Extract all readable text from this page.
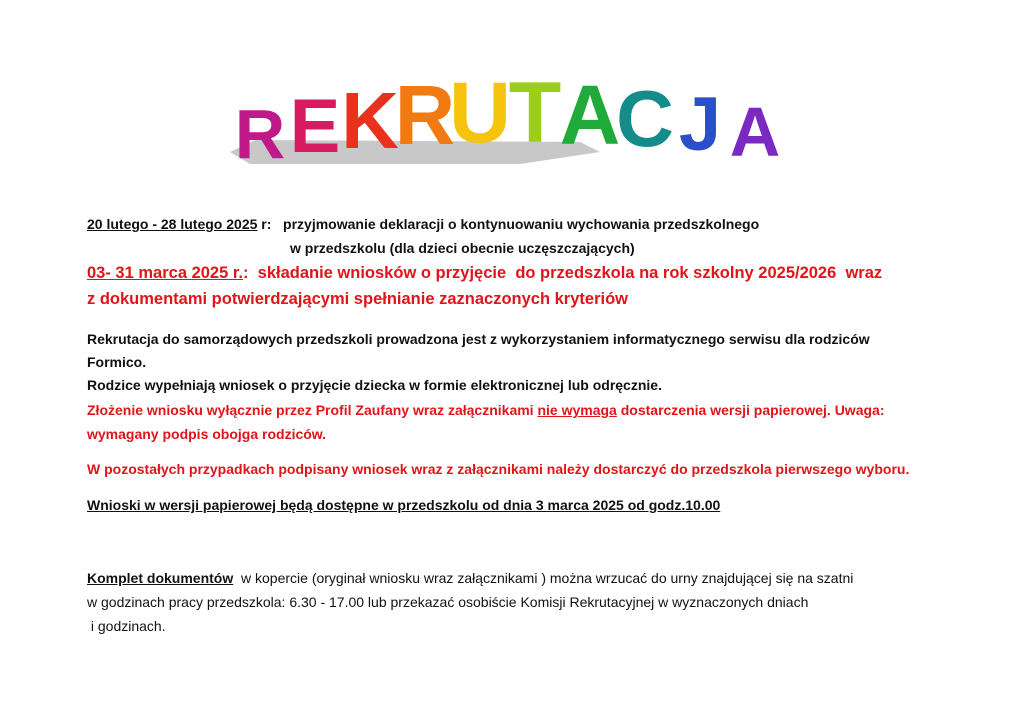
R E K
R
U
T
A
C J A
20 lutego - 28 lutego 2025 r:   przyjmowanie deklaracji o kontynuowaniu wychowania przedszkolnego
w przedszkolu (dla dzieci obecnie uczęszczających)
03- 31 marca 2025 r.:  składanie wniosków o przyjęcie  do przedszkola na rok szkolny 2025/2026  wraz
z dokumentami potwierdzającymi spełnianie zaznaczonych kryteriów
Rekrutacja do samorządowych przedszkoli prowadzona jest z wykorzystaniem informatycznego serwisu dla rodziców
Formico.
Rodzice wypełniają wniosek o przyjęcie dziecka w formie elektronicznej lub odręcznie.
Złożenie wniosku wyłącznie przez Profil Zaufany wraz załącznikami nie wymaga dostarczenia wersji papierowej. Uwaga:
wymagany podpis obojga rodziców.
W pozostałych przypadkach podpisany wniosek wraz z załącznikami należy dostarczyć do przedszkola pierwszego wyboru.
Wnioski w wersji papierowej będą dostępne w przedszkolu od dnia 3 marca 2025 od godz.10.00
Komplet dokumentów  w kopercie (oryginał wniosku wraz załącznikami ) można wrzucać do urny znajdującej się na szatni
w godzinach pracy przedszkola: 6.30 - 17.00 lub przekazać osobiście Komisji Rekrutacyjnej w wyznaczonych dniach
i godzinach.
